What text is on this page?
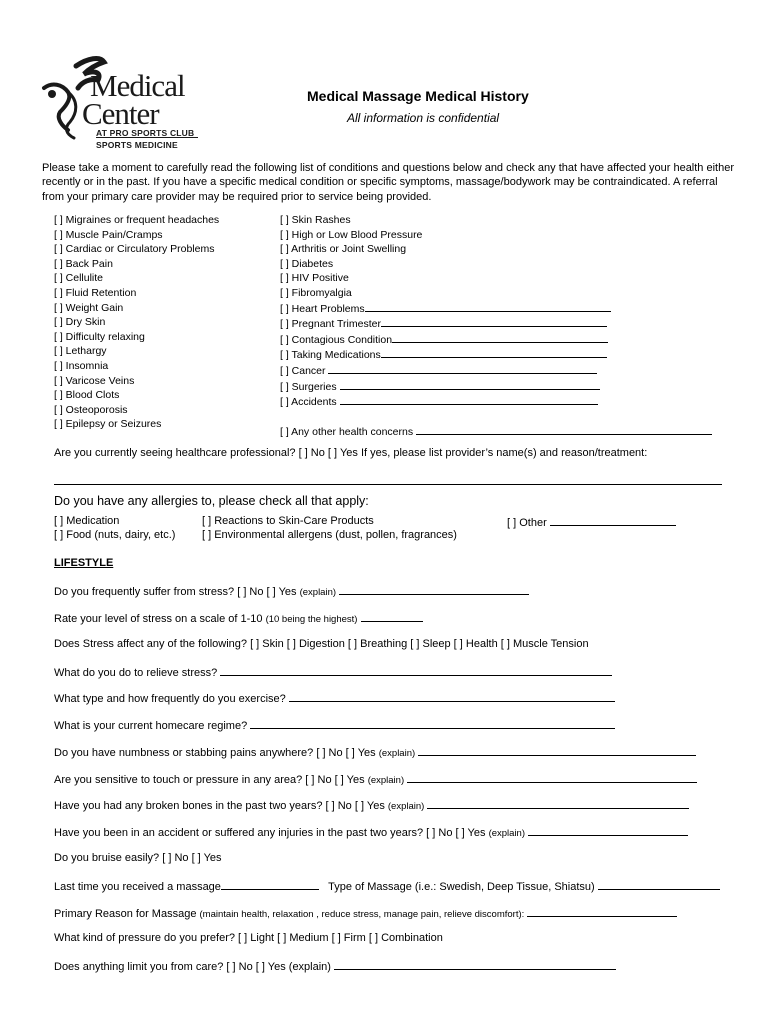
Medical
Center
AT PRO SPORTS CLUB
SPORTS MEDICINE
Medical Massage Medical History
All information is confidential
Please take a moment to carefully read the following list of conditions and questions below and check any that have affected your health either recently or in the past. If you have a specific medical condition or specific symptoms, massage/bodywork may be contraindicated. A referral from your primary care provider may be required prior to service being provided.
[ ] Migraines or frequent headaches
[ ] Muscle Pain/Cramps
[ ] Cardiac or Circulatory Problems
[ ] Back Pain
[ ] Cellulite
[ ] Fluid Retention
[ ] Weight Gain
[ ] Dry Skin
[ ] Difficulty relaxing
[ ] Lethargy
[ ] Insomnia
[ ] Varicose Veins
[ ] Blood Clots
[ ] Osteoporosis
[ ] Epilepsy or Seizures
[ ] Skin Rashes
[ ] High or Low Blood Pressure
[ ] Arthritis or Joint Swelling
[ ] Diabetes
[ ] HIV Positive
[ ] Fibromyalgia
[ ] Heart Problems
[ ] Pregnant Trimester
[ ] Contagious Condition
[ ] Taking Medications
[ ] Cancer
[ ] Surgeries
[ ] Accidents

[ ] Any other health concerns
Are you currently seeing healthcare professional? [ ] No [ ] Yes If yes, please list provider’s name(s) and reason/treatment:
Do you have any allergies to, please check all that apply:
[ ] Medication
[ ] Food (nuts, dairy, etc.)
[ ] Reactions to Skin-Care Products
[ ] Environmental allergens (dust, pollen, fragrances)
[ ] Other
LIFESTYLE
Do you frequently suffer from stress? [ ] No [ ] Yes (explain)
Rate your level of stress on a scale of 1-10 (10 being the highest)
Does Stress affect any of the following? [ ] Skin [ ] Digestion [ ] Breathing [ ] Sleep [ ] Health [ ] Muscle Tension
What do you do to relieve stress?
What type and how frequently do you exercise?
What is your current homecare regime?
Do you have numbness or stabbing pains anywhere? [ ] No [ ] Yes (explain)
Are you sensitive to touch or pressure in any area? [ ] No [ ] Yes (explain)
Have you had any broken bones in the past two years? [ ] No [ ] Yes (explain)
Have you been in an accident or suffered any injuries in the past two years? [ ] No [ ] Yes (explain)
Do you bruise easily? [ ] No [ ] Yes
Last time you received a massage	Type of Massage (i.e.: Swedish, Deep Tissue, Shiatsu)
Primary Reason for Massage (maintain health, relaxation , reduce stress, manage pain, relieve discomfort):
What kind of pressure do you prefer? [ ] Light [ ] Medium [ ] Firm [ ] Combination
Does anything limit you from care? [ ] No [ ] Yes (explain)
